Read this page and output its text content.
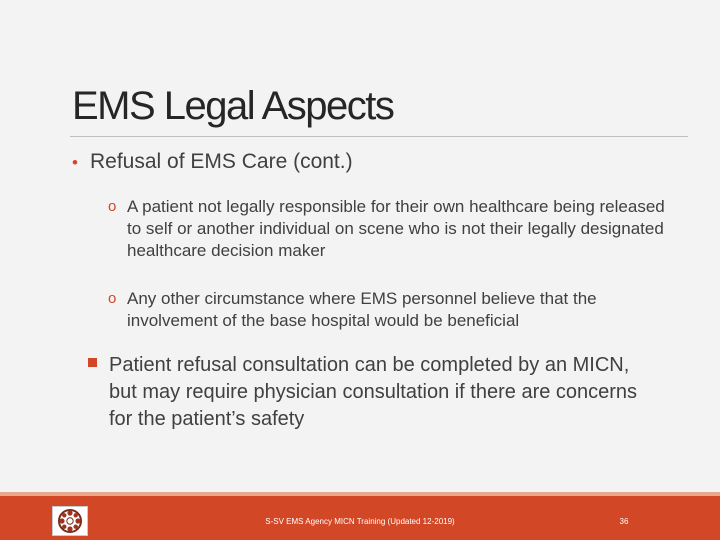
EMS Legal Aspects
• Refusal of EMS Care (cont.)
o A patient not legally responsible for their own healthcare being released to self or another individual on scene who is not their legally designated healthcare decision maker
o Any other circumstance where EMS personnel believe that the involvement of the base hospital would be beneficial
Patient refusal consultation can be completed by an MICN, but may require physician consultation if there are concerns for the patient’s safety
S-SV EMS Agency MICN Training (Updated 12-2019)	36
